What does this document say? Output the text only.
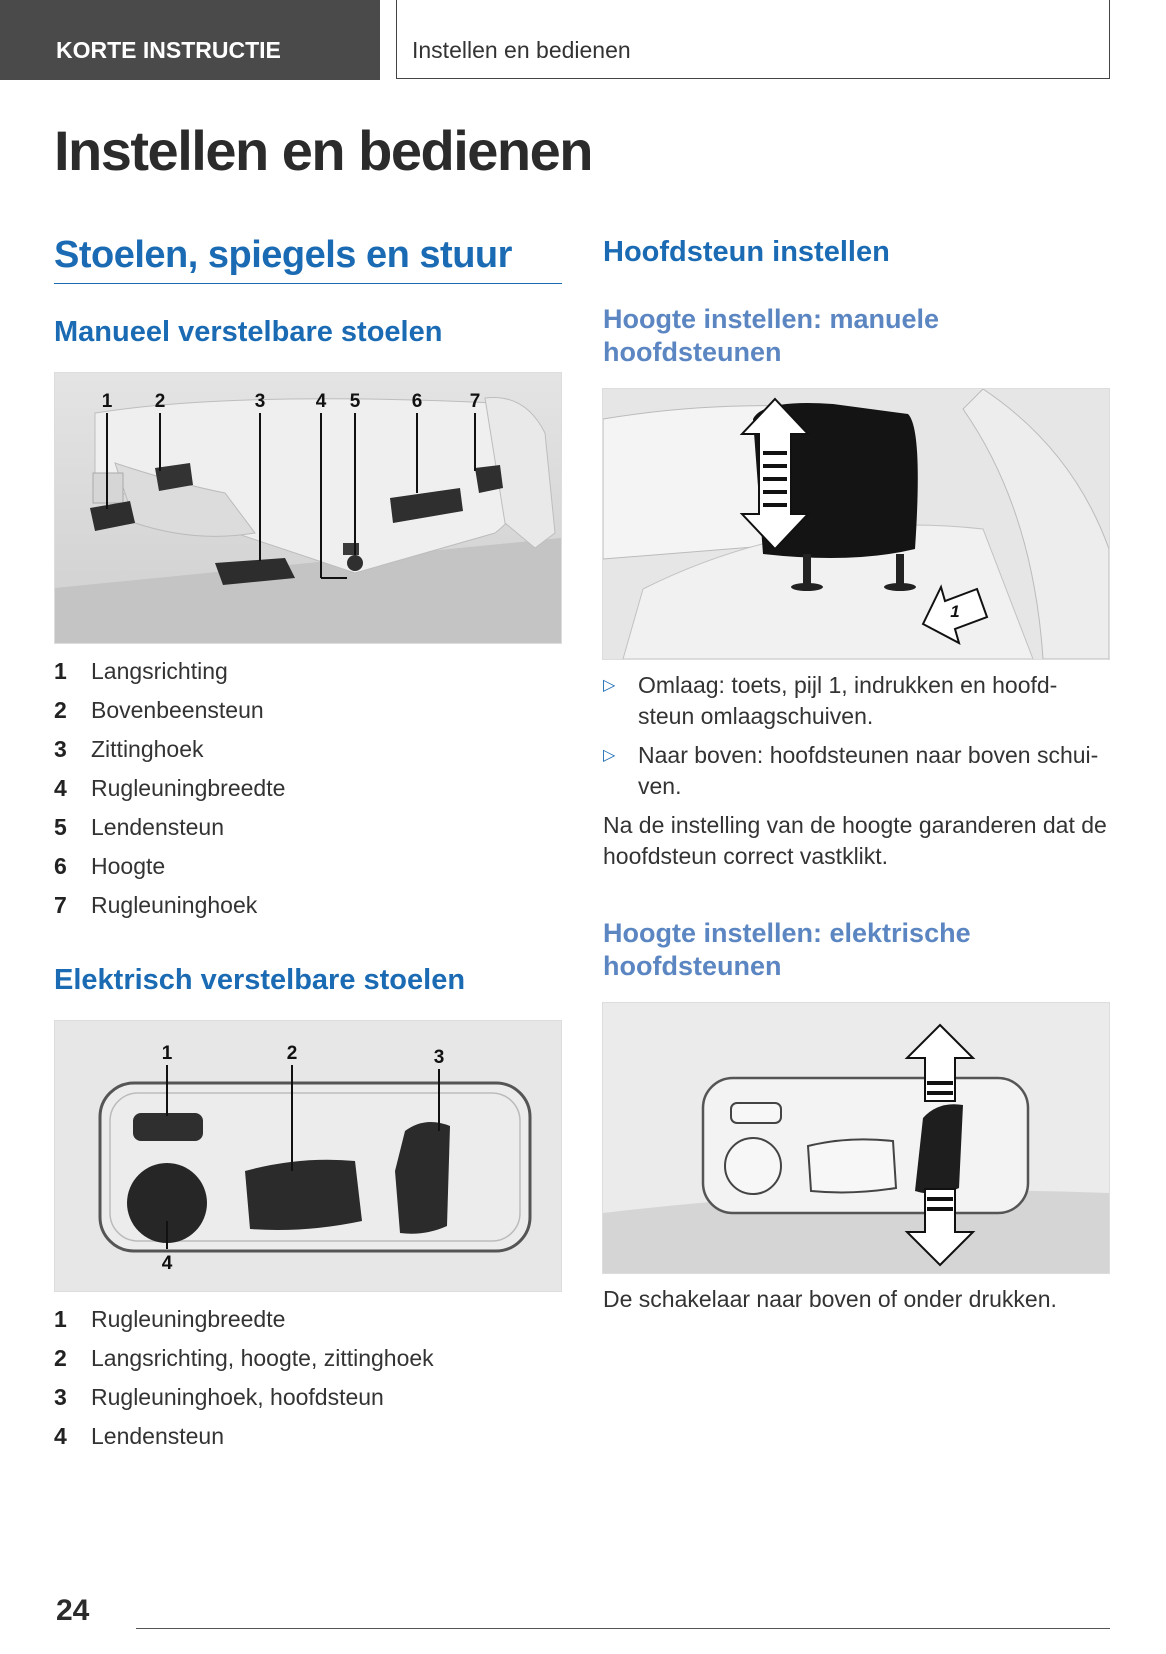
KORTE INSTRUCTIE	Instellen en bedienen
Instellen en bedienen
Stoelen, spiegels en stuur
Manueel verstelbare stoelen
1 2	3	4 5	6 7
1 Langsrichting
2 Bovenbeensteun
3 Zittinghoek
4 Rugleuningbreedte
5 Lendensteun
6 Hoogte
7 Rugleuninghoek
Elektrisch verstelbare stoelen
1	2	3
4
1 Rugleuningbreedte
2 Langsrichting, hoogte, zittinghoek
3 Rugleuninghoek, hoofdsteun
4 Lendensteun
Hoofdsteun instellen
Hoogte instellen: manuele
hoofdsteunen
1

▷ Omlaag: toets, pijl 1, indrukken en hoofd-
steun omlaagschuiven.

▷ Naar boven: hoofdsteunen naar boven schui-
ven.

Na de instelling van de hoogte garanderen dat de
hoofdsteun correct vastklikt.

Hoogte instellen: elektrische
hoofdsteunen

De schakelaar naar boven of onder drukken.

24
